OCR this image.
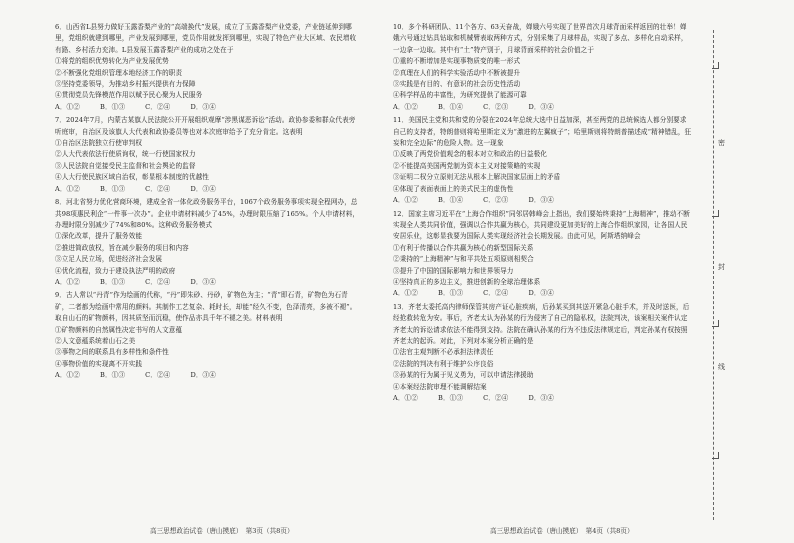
6．山西省L县努力做好玉露香梨产业的“高端换代”发展，成立了玉露香梨产业党委，产业链延伸到哪里，党组织就建到哪里，产业发展到哪里，党员作用就发挥到哪里，实现了特色产业大区域、农民增收有路、乡村活力充沛。L县发展玉露香梨产业的成功之处在于
①将党的组织优势转化为产业发展优势
②不断强化党组织管理本地经济工作的职责
③坚持党委领导，为推动乡村振兴提供有力保障
④贯彻党员先锋模范作用以赋予民心聚为人民服务
A．①②　　　B．①③　　　C．②④　　　D．③④
7．2024年7月，内蒙古某旗人民法院公开开展组织观摩“涉黑谋恶诉讼”活动。政协参委和群众代表旁听庭审，自治区及该旗人大代表和政协委员等也对本次庭审给予了充分肯定。这表明
①自治区法院独立行使审判权
②人大代表依法行使质询权，统一行使国家权力
③人民法院自觉接受民主监督和社会舆论的监督
④人大行使民族区域自治权，彰显根本制度的优越性
A．①②　　　B．①③　　　C．②④　　　D．③④
8．河北省努力优化营商环境，建成全省一体化政务服务平台，1067个政务服务事项实现全程网办，总共98项惠民利企“一件事一次办”。企业申请材料减少了45%，办理时限压缩了165%。个人申请材料，办理时限分别减少了74%和80%。这种政务服务模式
①深化改革，提升了服务效能
②推进简政放权，旨在减少服务的项目和内容
③立足人民立场，促进经济社会发展
④优化流程，致力于建设执法严明的政府
A．①②　　　B．①③　　　C．②④　　　D．③④
9．古人常以“丹青”作为绘画的代称，“丹”即朱砂、丹砂，矿物色为主；“青”即石青，矿物色为石青矿，二者都为绘画中常用的颜料。其制作工艺复杂、耗时长，却能“经久不变，色泽清亮，多被不褪”。取自山石的矿物颜料，因其质坚而沉稳，使作品亦具千年不褪之美。材料表明
①矿物颜料的自然属性决定书写的人文意蕴
②人文意蕴系统着山石之美
③事物之间的联系具有多样性和条件性
④事物价值的实现离不开实践
A．①②　　　B．①③　　　C．②④　　　D．③④
10．多个科研团队、11个各方、63天奋战，婵娥六号实现了世界首次月球背面采样返回的壮举！婵娥六号通过钻具钻取和机械臂表取两种方式，分别采集了月球样品，实现了多点、多样化自动采样，一边拿一边取。其中有“土”特产别于，月球背面采样的社会价值之于
①重的不断增加是实现事物质变的唯一形式
②真理在人们的科学实验活动中不断被提升
③实践是有目的、有意识的社会历史性活动
④科学样品的丰富性，为研究提供了能源可靠
A．①②　　　B．①④　　　C．②③　　　D．③④
11．美国民主党和共和党的分裂在2024年总统大选中日益加深，甚至两党的总统候选人都分别要求自己的支持者，特朗普则将哈里斯定义为“激进的左翼疯子”；哈里斯则将特朗普描述成“精神错乱，狂妄和完全边际”的危险人物。这一现象
①反映了两党价值观念的根本对立和政治的日益极化
②不能提高美国两党制为资本主义对接策略的实现
③证明二权分立原则无法从根本上解决国家层面上的矛盾
④体现了表面表面上的美式民主的虚伪性
A．①②　　　B．①④　　　C．②③　　　D．③④
12．国家主席习近平在“上海合作组织”同邻居韩峰会上指出，我们要始终秉持“上海精神”，推动不断实现全人类共同价值，强调以合作共赢为核心，共同建设更加美好的上海合作组织家园，让各国人民安居乐业，这彰显我要为国际人类实现经济社会长期发展。由此可见，阿斯塔纳峰会
①有利于传播以合作共赢为核心的新型国际关系
②秉持的“上海精神”与和平共处五项原则相契合
③提升了中国的国际影响力和世界领导力
④坚持真正的多边主义，推进创新的全球治理体系
A．①②　　　B．①③　　　C．②④　　　D．③④
13．齐老太委托高内律师保管其房产证心脏疾病，后孙某买到其送开紧急心脏手术，并及时送医，后经抢救转危为安。事后，齐老太认为孙某的行为侵害了自己的隐私权，法院判决，该案相关案件认定齐老太的诉讼请求依法不能得到支持。法院在确认孙某的行为不违反法律规定后，判定孙某有权按照齐老太的起诉。对此，下列对本案分析正确的是
①法官主观判断不必承担法律责任
②法院的判决有利于维护公序良俗
③孙某的行为属于见义勇为，可以申请法律援助
④本案经法院审理不能调解结案
A．①②　　　B．①③　　　C．②④　　　D．③④
高三思想政治试卷（唐山摸底）　第3页（共8页）	高三思想政治试卷（唐山摸底）　第4页（共8页）
密
封
线
